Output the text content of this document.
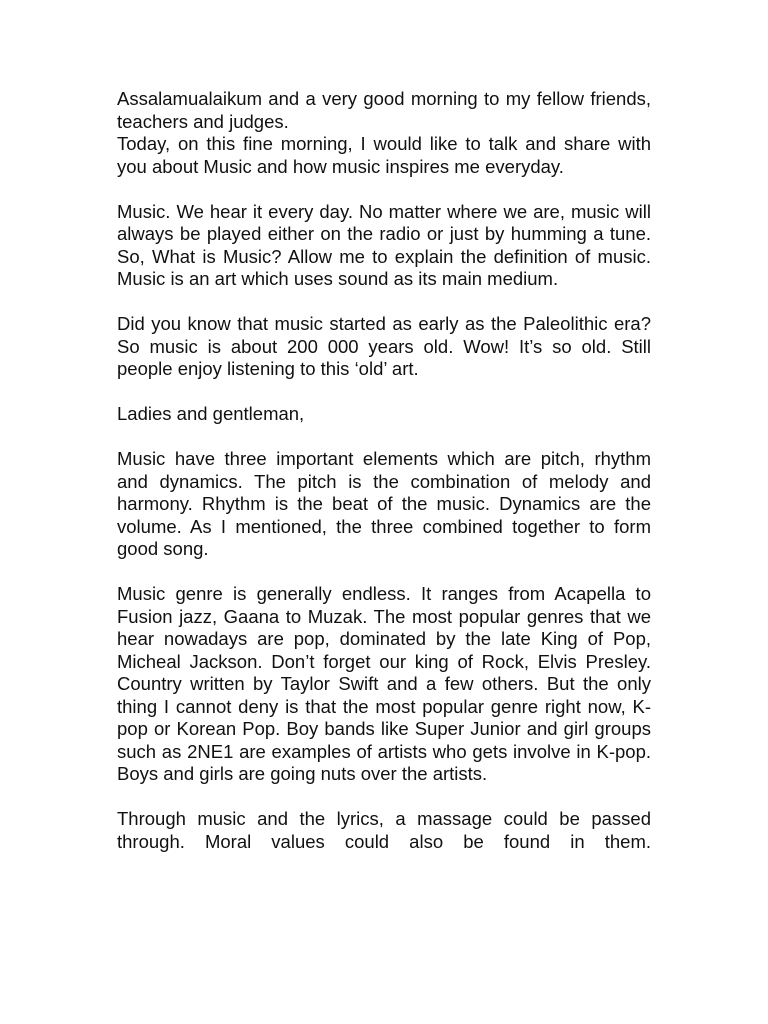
Assalamualaikum and a very good morning to my fellow friends, teachers and judges.

Today, on this fine morning, I would like to talk and share with you about Music and how music inspires me everyday.

Music. We hear it every day. No matter where we are, music will always be played either on the radio or just by humming a tune. So, What is Music? Allow me to explain the definition of music. Music is an art which uses sound as its main medium.

Did you know that music started as early as the Paleolithic era? So music is about 200 000 years old. Wow! It’s so old. Still people enjoy listening to this ‘old’ art.

Ladies and gentleman,

Music have three important elements which are pitch, rhythm and dynamics. The pitch is the combination of melody and harmony. Rhythm is the beat of the music. Dynamics are the volume. As I mentioned, the three combined together to form good song.

Music genre is generally endless. It ranges from Acapella to Fusion jazz, Gaana to Muzak. The most popular genres that we hear nowadays are pop, dominated by the late King of Pop, Micheal Jackson. Don’t forget our king of Rock, Elvis Presley. Country written by Taylor Swift and a few others. But the only thing I cannot deny is that the most popular genre right now, K-pop or Korean Pop. Boy bands like Super Junior and girl groups such as 2NE1 are examples of artists who gets involve in K-pop. Boys and girls are going nuts over the artists.

Through music and the lyrics, a massage could be passed through. Moral values could also be found in them.
